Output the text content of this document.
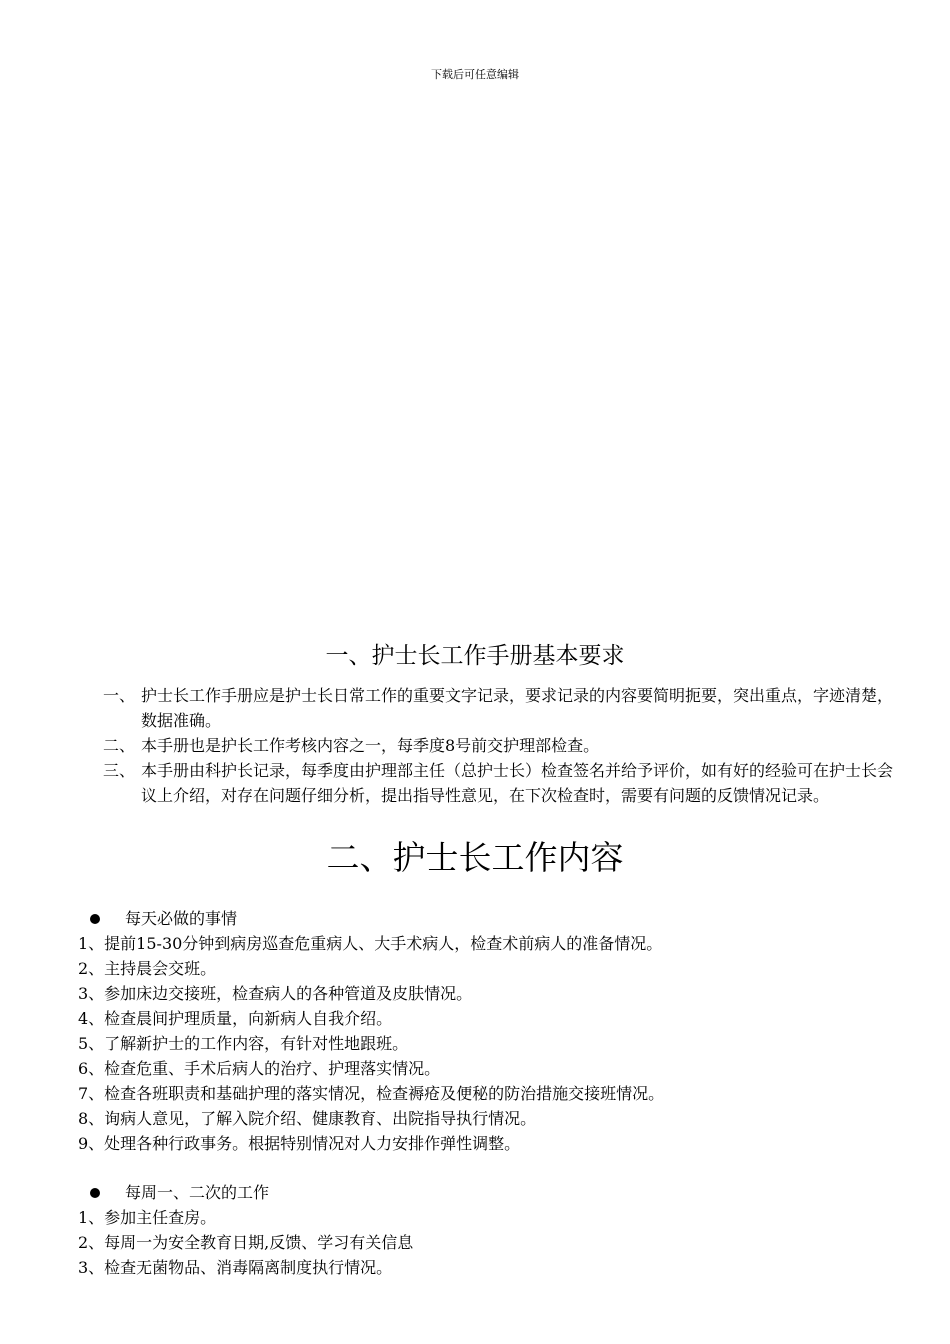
下载后可任意编辑
一、护士长工作手册基本要求
一、 护士长工作手册应是护士长日常工作的重要文字记录，要求记录的内容要简明扼要，突出重点，字迹清楚，数据准确。
二、 本手册也是护长工作考核内容之一，每季度8号前交护理部检查。
三、 本手册由科护长记录，每季度由护理部主任（总护士长）检查签名并给予评价，如有好的经验可在护士长会议上介绍，对存在问题仔细分析，提出指导性意见，在下次检查时，需要有问题的反馈情况记录。
二、护士长工作内容
每天必做的事情
1、提前15-30分钟到病房巡查危重病人、大手术病人，检查术前病人的准备情况。
2、主持晨会交班。
3、参加床边交接班，检查病人的各种管道及皮肤情况。
4、检查晨间护理质量，向新病人自我介绍。
5、了解新护士的工作内容，有针对性地跟班。
6、检查危重、手术后病人的治疗、护理落实情况。
7、检查各班职责和基础护理的落实情况，检查褥疮及便秘的防治措施交接班情况。
8、询病人意见，了解入院介绍、健康教育、出院指导执行情况。
9、处理各种行政事务。根据特别情况对人力安排作弹性调整。
每周一、二次的工作
1、参加主任查房。
2、每周一为安全教育日期,反馈、学习有关信息
3、检查无菌物品、消毒隔离制度执行情况。
